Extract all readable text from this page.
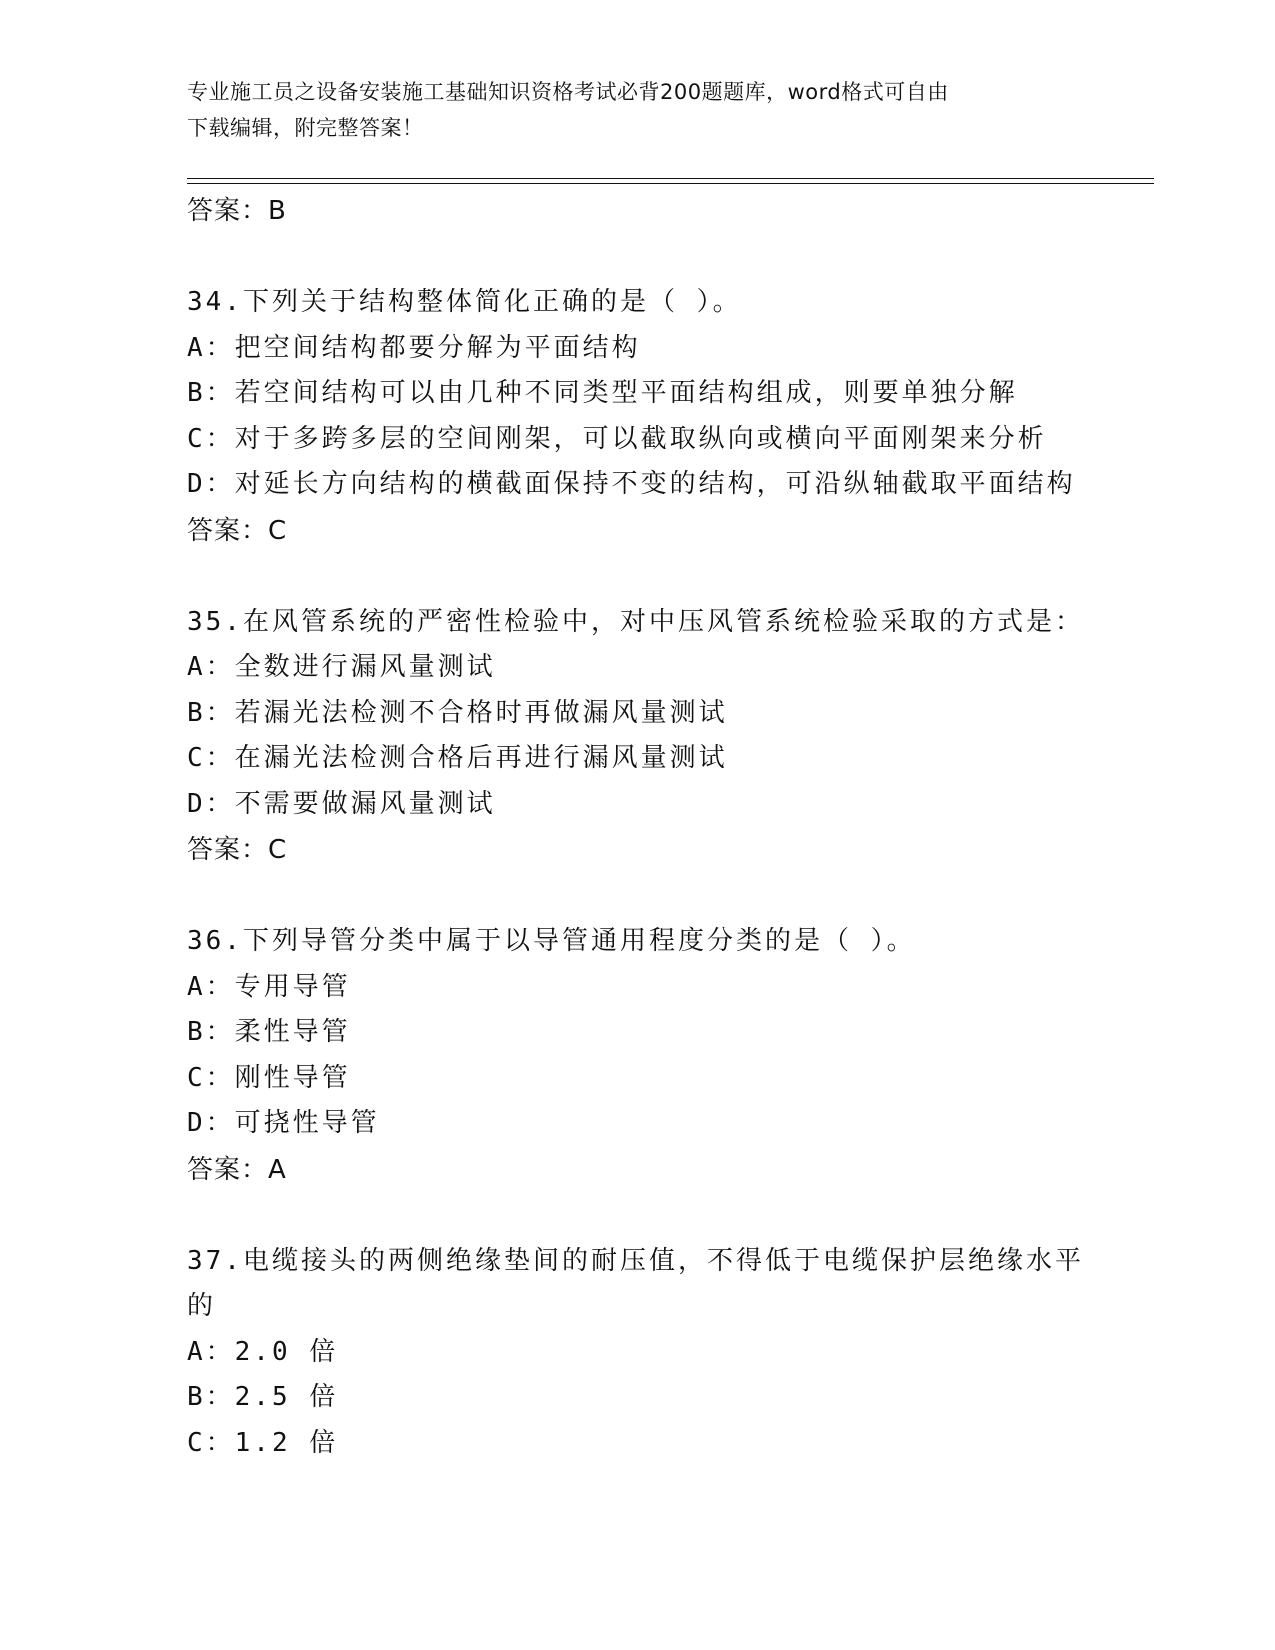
专业施工员之设备安装施工基础知识资格考试必背200题题库，word格式可自由
下载编辑，附完整答案！
答案：B
34.下列关于结构整体简化正确的是（ ）。
A：把空间结构都要分解为平面结构
B：若空间结构可以由几种不同类型平面结构组成，则要单独分解
C：对于多跨多层的空间刚架，可以截取纵向或横向平面刚架来分析
D：对延长方向结构的横截面保持不变的结构，可沿纵轴截取平面结构
答案：C
35.在风管系统的严密性检验中，对中压风管系统检验采取的方式是：
A：全数进行漏风量测试
B：若漏光法检测不合格时再做漏风量测试
C：在漏光法检测合格后再进行漏风量测试
D：不需要做漏风量测试
答案：C
36.下列导管分类中属于以导管通用程度分类的是（ ）。
A：专用导管
B：柔性导管
C：刚性导管
D：可挠性导管
答案：A
37.电缆接头的两侧绝缘垫间的耐压值，不得低于电缆保护层绝缘水平
的
A：2.0 倍
B：2.5 倍
C：1.2 倍
